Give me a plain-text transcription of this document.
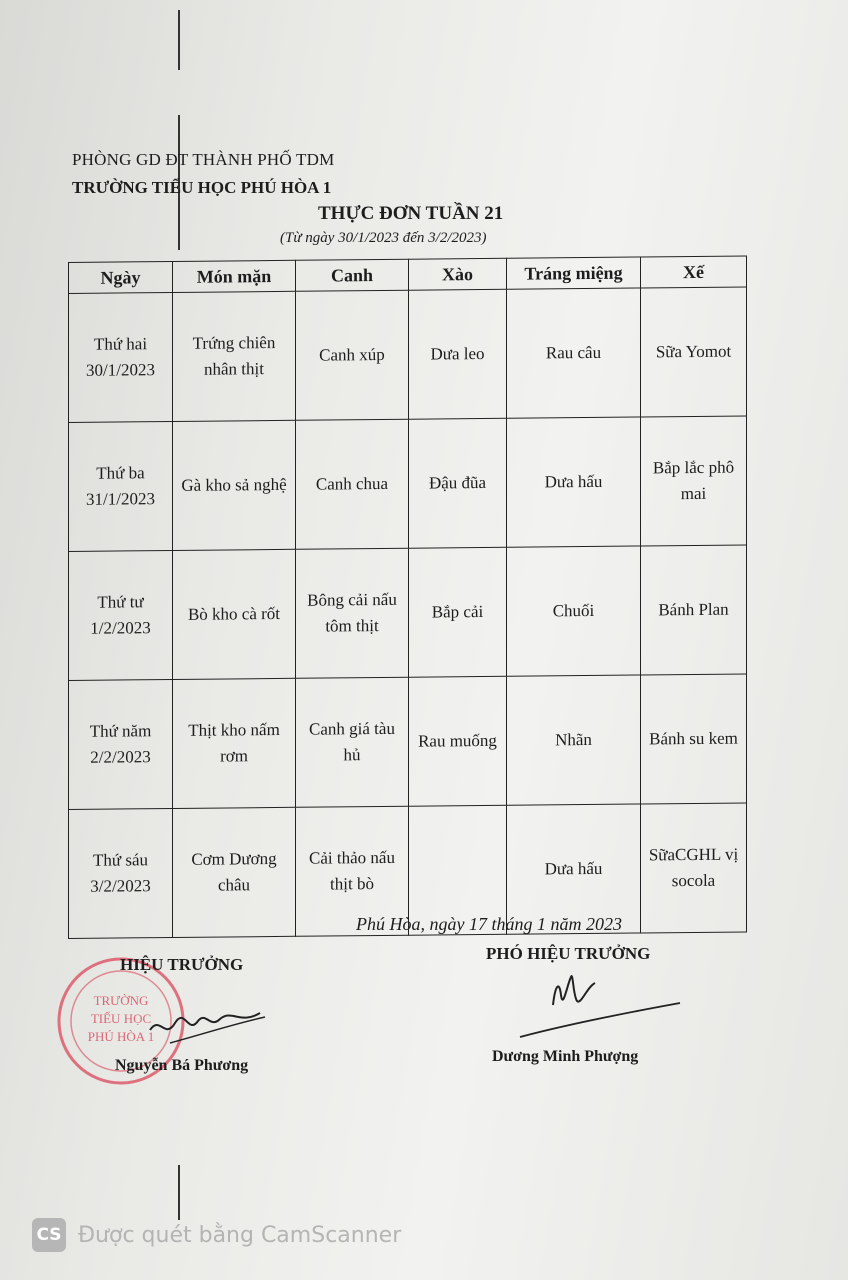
PHÒNG GD ĐT THÀNH PHỐ TDM
TRƯỜNG TIỂU HỌC PHÚ HÒA 1
THỰC ĐƠN TUẦN 21
(Từ ngày 30/1/2023 đến 3/2/2023)
Ngày	Món mặn	Canh	Xào	Tráng miệng	Xế

Thứ hai
30/1/2023	Trứng chiên nhân thịt	Canh xúp	Dưa leo	Rau câu	Sữa Yomot

Thứ ba
31/1/2023	Gà kho sả nghệ	Canh chua	Đậu đũa	Dưa hấu	Bắp lắc phô mai

Thứ tư
1/2/2023	Bò kho cà rốt	Bông cải nấu tôm thịt	Bắp cải	Chuối	Bánh Plan

Thứ năm
2/2/2023	Thịt kho nấm rơm	Canh giá tàu hủ	Rau muống	Nhãn	Bánh su kem

Thứ sáu
3/2/2023	Cơm Dương châu	Cải thảo nấu thịt bò		Dưa hấu	SữaCGHL vị socola
Phú Hòa, ngày 17 tháng 1 năm 2023
TRƯỜNG
TIỂU HỌC
PHÚ HÒA 1
HIỆU TRƯỞNG
Nguyễn Bá Phương
PHÓ HIỆU TRƯỞNG
Dương Minh Phượng
CS Được quét bằng CamScanner
